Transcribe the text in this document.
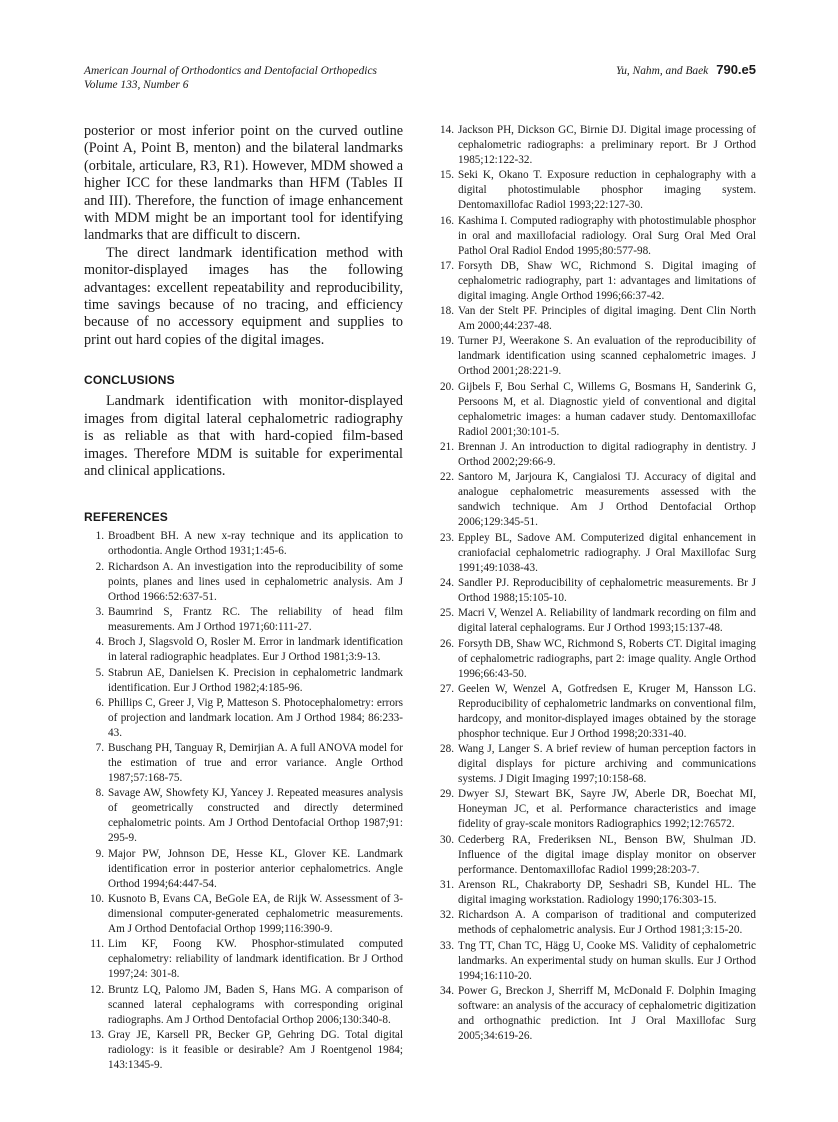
American Journal of Orthodontics and Dentofacial Orthopedics
Volume 133, Number 6
Yu, Nahm, and Baek 790.e5

posterior or most inferior point on the curved outline (Point A, Point B, menton) and the bilateral landmarks (orbitale, articulare, R3, R1). However, MDM showed a higher ICC for these landmarks than HFM (Tables II and III). Therefore, the function of image enhancement with MDM might be an important tool for identifying landmarks that are difficult to discern.

The direct landmark identification method with monitor-displayed images has the following advantages: excellent repeatability and reproducibility, time savings because of no tracing, and efficiency because of no accessory equipment and supplies to print out hard copies of the digital images.

CONCLUSIONS

Landmark identification with monitor-displayed images from digital lateral cephalometric radiography is as reliable as that with hard-copied film-based images. Therefore MDM is suitable for experimental and clinical applications.

REFERENCES
1. Broadbent BH. A new x-ray technique and its application to orthodontia. Angle Orthod 1931;1:45-6.
2. Richardson A. An investigation into the reproducibility of some points, planes and lines used in cephalometric analysis. Am J Orthod 1966:52:637-51.
3. Baumrind S, Frantz RC. The reliability of head film measurements. Am J Orthod 1971;60:111-27.
4. Broch J, Slagsvold O, Rosler M. Error in landmark identification in lateral radiographic headplates. Eur J Orthod 1981;3:9-13.
5. Stabrun AE, Danielsen K. Precision in cephalometric landmark identification. Eur J Orthod 1982;4:185-96.
6. Phillips C, Greer J, Vig P, Matteson S. Photocephalometry: errors of projection and landmark location. Am J Orthod 1984; 86:233-43.
7. Buschang PH, Tanguay R, Demirjian A. A full ANOVA model for the estimation of true and error variance. Angle Orthod 1987;57:168-75.
8. Savage AW, Showfety KJ, Yancey J. Repeated measures analysis of geometrically constructed and directly determined cephalometric points. Am J Orthod Dentofacial Orthop 1987;91: 295-9.
9. Major PW, Johnson DE, Hesse KL, Glover KE. Landmark identification error in posterior anterior cephalometrics. Angle Orthod 1994;64:447-54.
10. Kusnoto B, Evans CA, BeGole EA, de Rijk W. Assessment of 3-dimensional computer-generated cephalometric measurements. Am J Orthod Dentofacial Orthop 1999;116:390-9.
11. Lim KF, Foong KW. Phosphor-stimulated computed cephalometry: reliability of landmark identification. Br J Orthod 1997;24: 301-8.
12. Bruntz LQ, Palomo JM, Baden S, Hans MG. A comparison of scanned lateral cephalograms with corresponding original radiographs. Am J Orthod Dentofacial Orthop 2006;130:340-8.
13. Gray JE, Karsell PR, Becker GP, Gehring DG. Total digital radiology: is it feasible or desirable? Am J Roentgenol 1984; 143:1345-9.
14. Jackson PH, Dickson GC, Birnie DJ. Digital image processing of cephalometric radiographs: a preliminary report. Br J Orthod 1985;12:122-32.
15. Seki K, Okano T. Exposure reduction in cephalography with a digital photostimulable phosphor imaging system. Dentomaxillofac Radiol 1993;22:127-30.
16. Kashima I. Computed radiography with photostimulable phosphor in oral and maxillofacial radiology. Oral Surg Oral Med Oral Pathol Oral Radiol Endod 1995;80:577-98.
17. Forsyth DB, Shaw WC, Richmond S. Digital imaging of cephalometric radiography, part 1: advantages and limitations of digital imaging. Angle Orthod 1996;66:37-42.
18. Van der Stelt PF. Principles of digital imaging. Dent Clin North Am 2000;44:237-48.
19. Turner PJ, Weerakone S. An evaluation of the reproducibility of landmark identification using scanned cephalometric images. J Orthod 2001;28:221-9.
20. Gijbels F, Bou Serhal C, Willems G, Bosmans H, Sanderink G, Persoons M, et al. Diagnostic yield of conventional and digital cephalometric images: a human cadaver study. Dentomaxillofac Radiol 2001;30:101-5.
21. Brennan J. An introduction to digital radiography in dentistry. J Orthod 2002;29:66-9.
22. Santoro M, Jarjoura K, Cangialosi TJ. Accuracy of digital and analogue cephalometric measurements assessed with the sandwich technique. Am J Orthod Dentofacial Orthop 2006;129:345-51.
23. Eppley BL, Sadove AM. Computerized digital enhancement in craniofacial cephalometric radiography. J Oral Maxillofac Surg 1991;49:1038-43.
24. Sandler PJ. Reproducibility of cephalometric measurements. Br J Orthod 1988;15:105-10.
25. Macri V, Wenzel A. Reliability of landmark recording on film and digital lateral cephalograms. Eur J Orthod 1993;15:137-48.
26. Forsyth DB, Shaw WC, Richmond S, Roberts CT. Digital imaging of cephalometric radiographs, part 2: image quality. Angle Orthod 1996;66:43-50.
27. Geelen W, Wenzel A, Gotfredsen E, Kruger M, Hansson LG. Reproducibility of cephalometric landmarks on conventional film, hardcopy, and monitor-displayed images obtained by the storage phosphor technique. Eur J Orthod 1998;20:331-40.
28. Wang J, Langer S. A brief review of human perception factors in digital displays for picture archiving and communications systems. J Digit Imaging 1997;10:158-68.
29. Dwyer SJ, Stewart BK, Sayre JW, Aberle DR, Boechat MI, Honeyman JC, et al. Performance characteristics and image fidelity of gray-scale monitors Radiographics 1992;12:76572.
30. Cederberg RA, Frederiksen NL, Benson BW, Shulman JD. Influence of the digital image display monitor on observer performance. Dentomaxillofac Radiol 1999;28:203-7.
31. Arenson RL, Chakraborty DP, Seshadri SB, Kundel HL. The digital imaging workstation. Radiology 1990;176:303-15.
32. Richardson A. A comparison of traditional and computerized methods of cephalometric analysis. Eur J Orthod 1981;3:15-20.
33. Tng TT, Chan TC, Hägg U, Cooke MS. Validity of cephalometric landmarks. An experimental study on human skulls. Eur J Orthod 1994;16:110-20.
34. Power G, Breckon J, Sherriff M, McDonald F. Dolphin Imaging software: an analysis of the accuracy of cephalometric digitization and orthognathic prediction. Int J Oral Maxillofac Surg 2005;34:619-26.
